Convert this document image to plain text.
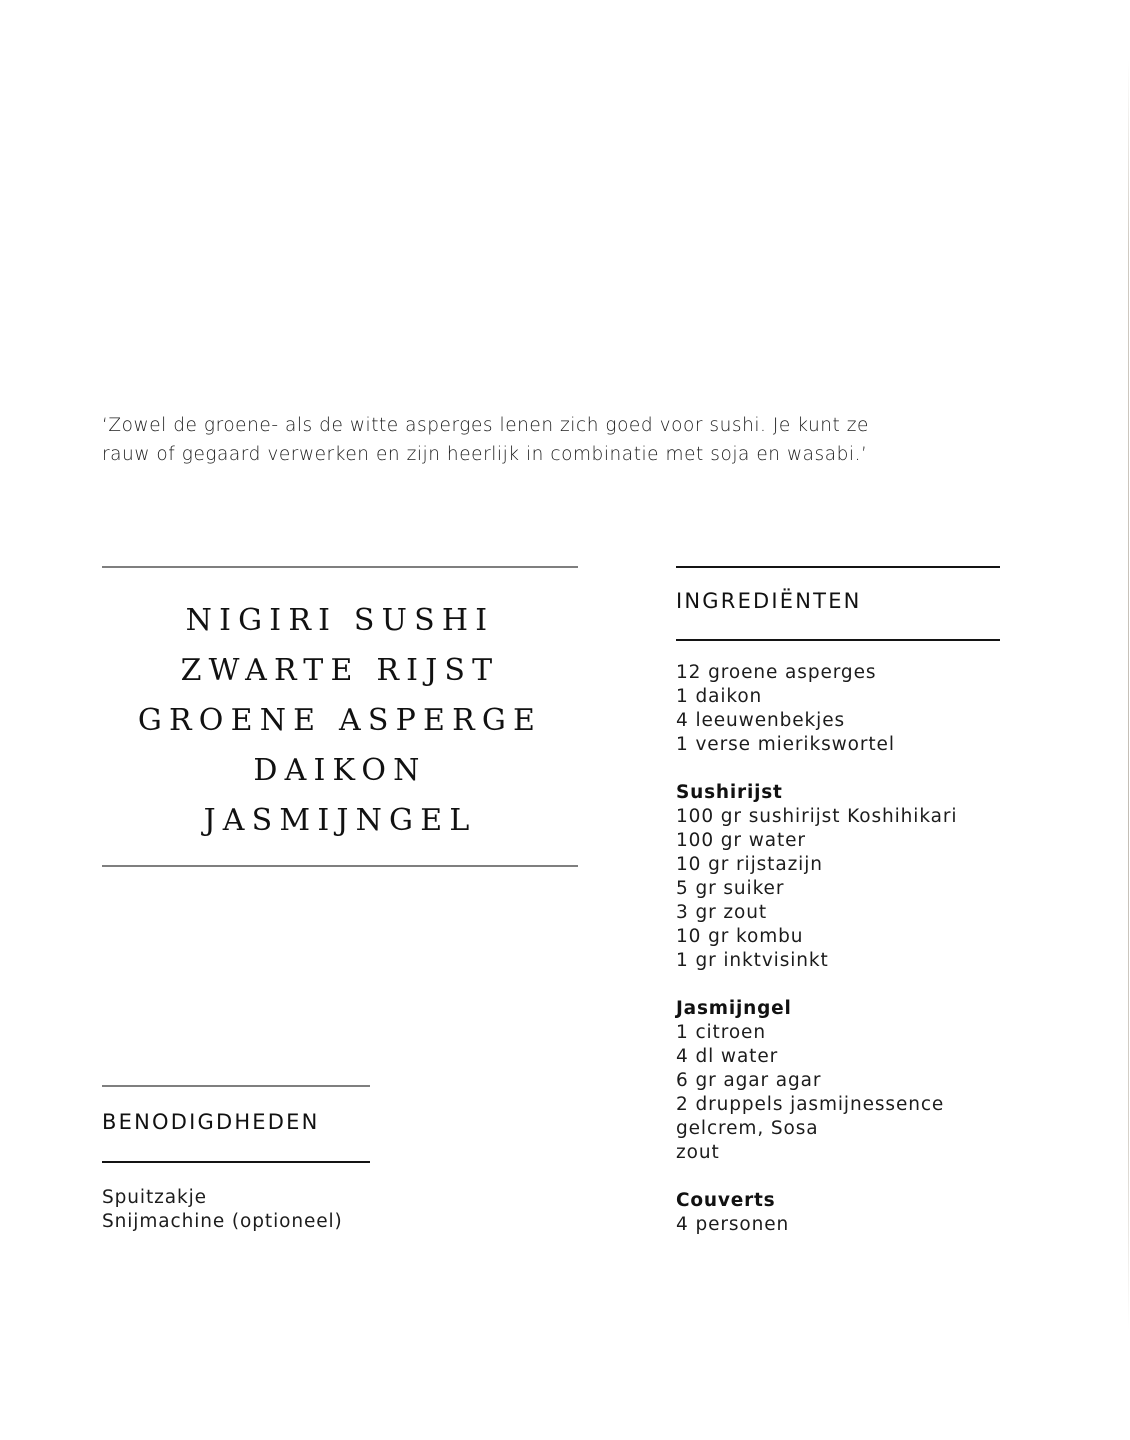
‘Zowel de groene- als de witte asperges lenen zich goed voor sushi. Je kunt ze

rauw of gegaard verwerken en zijn heerlijk in combinatie met soja en wasabi.’

NIGIRI SUSHI
ZWARTE RIJST
GROENE ASPERGE
DAIKON
JASMIJNGEL
BENODIGDHEDEN
Spuitzakje
Snijmachine (optioneel)
INGREDIËNTEN
12 groene asperges
1 daikon
4 leeuwenbekjes
1 verse mierikswortel
Sushirijst
100 gr sushirijst Koshihikari
100 gr water
10 gr rijstazijn
5 gr suiker
3 gr zout
10 gr kombu
1 gr inktvisinkt
Jasmijngel
1 citroen
4 dl water
6 gr agar agar
2 druppels jasmijnessence
gelcrem, Sosa
zout
Couverts
4 personen
